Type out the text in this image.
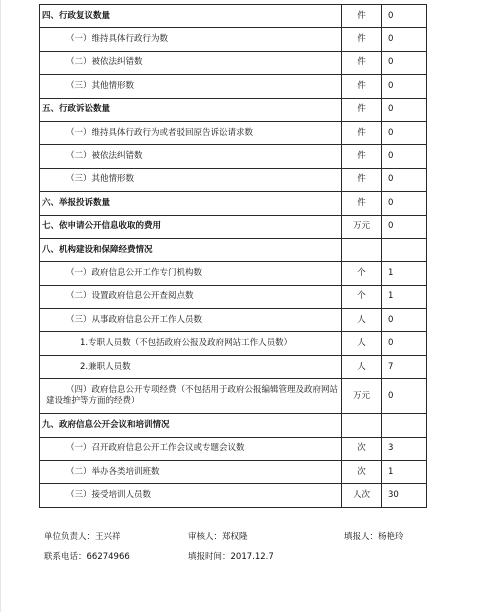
四、行政复议数量	件	0
（一）维持具体行政行为数	件	0
（二）被依法纠错数	件	0
（三）其他情形数	件	0
五、行政诉讼数量	件	0
（一）维持具体行政行为或者驳回原告诉讼请求数	件	0
（二）被依法纠错数	件	0
（三）其他情形数	件	0
六、举报投诉数量	件	0
七、依申请公开信息收取的费用	万元	0
八、机构建设和保障经费情况		
（一）政府信息公开工作专门机构数	个	1
（二）设置政府信息公开查阅点数	个	1
（三）从事政府信息公开工作人员数	人	0
1.专职人员数（不包括政府公报及政府网站工作人员数）	人	0
2.兼职人员数	人	7

（四）政府信息公开专项经费（不包括用于政府公报编辑管理及政府网站建设维护等方面的经费）	万元	0
九、政府信息公开会议和培训情况		
（一）召开政府信息公开工作会议或专题会议数	次	3
（二）举办各类培训班数	次	1
（三）接受培训人员数	人次	30
单位负责人：王兴祥	审核人：郑权隆	填报人：杨艳玲
联系电话：66274966	填报时间：2017.12.7
